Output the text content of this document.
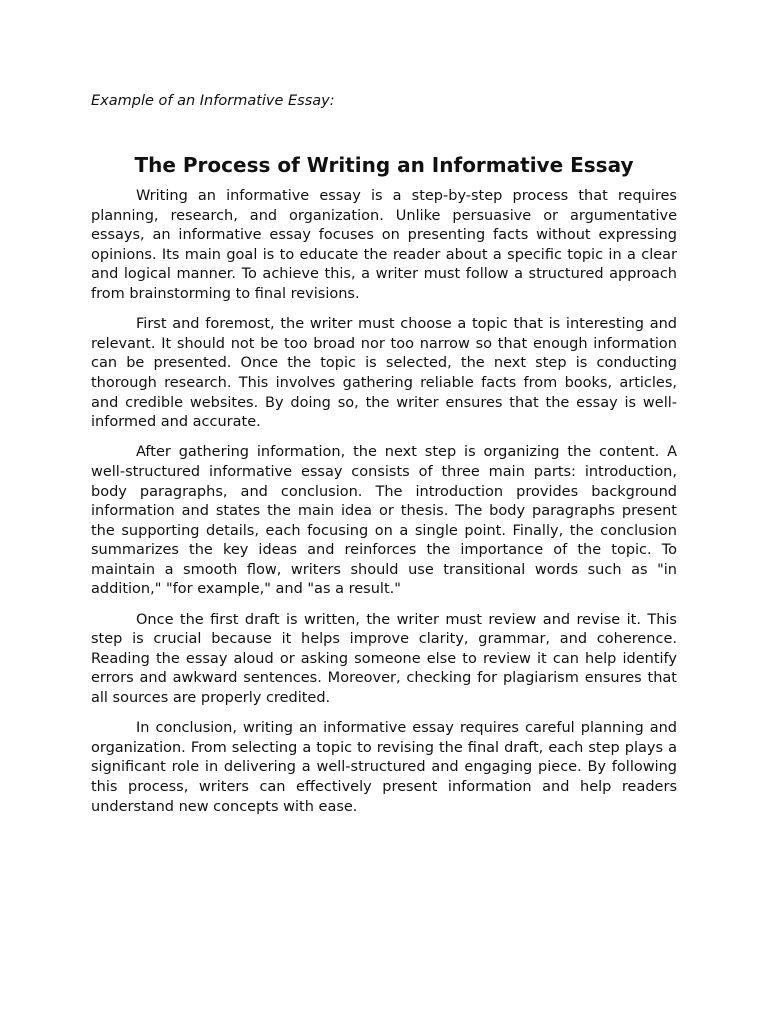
Example of an Informative Essay:

The Process of Writing an Informative Essay

Writing an informative essay is a step-by-step process that requires planning, research, and organization. Unlike persuasive or argumentative essays, an informative essay focuses on presenting facts without expressing opinions. Its main goal is to educate the reader about a specific topic in a clear and logical manner. To achieve this, a writer must follow a structured approach from brainstorming to final revisions.

First and foremost, the writer must choose a topic that is interesting and relevant. It should not be too broad nor too narrow so that enough information can be presented. Once the topic is selected, the next step is conducting thorough research. This involves gathering reliable facts from books, articles, and credible websites. By doing so, the writer ensures that the essay is well-informed and accurate.

After gathering information, the next step is organizing the content. A well-structured informative essay consists of three main parts: introduction, body paragraphs, and conclusion. The introduction provides background information and states the main idea or thesis. The body paragraphs present the supporting details, each focusing on a single point. Finally, the conclusion summarizes the key ideas and reinforces the importance of the topic. To maintain a smooth flow, writers should use transitional words such as "in addition," "for example," and "as a result."

Once the first draft is written, the writer must review and revise it. This step is crucial because it helps improve clarity, grammar, and coherence. Reading the essay aloud or asking someone else to review it can help identify errors and awkward sentences. Moreover, checking for plagiarism ensures that all sources are properly credited.

In conclusion, writing an informative essay requires careful planning and organization. From selecting a topic to revising the final draft, each step plays a significant role in delivering a well-structured and engaging piece. By following this process, writers can effectively present information and help readers understand new concepts with ease.
